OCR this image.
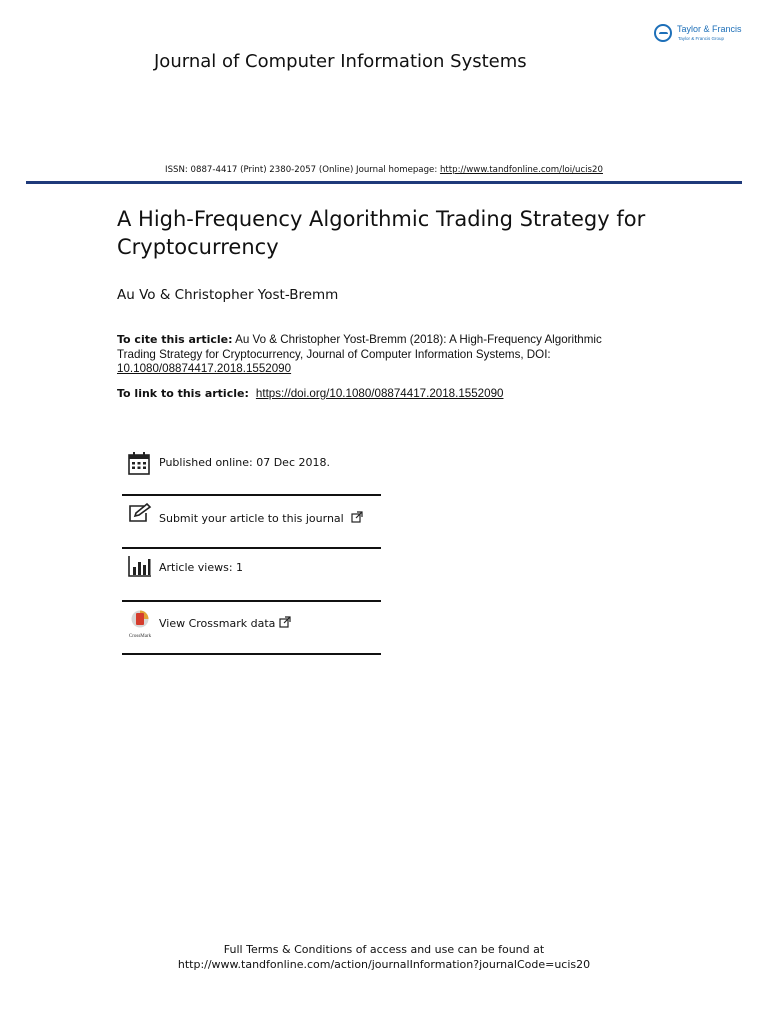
Taylor & Francis
Taylor & Francis Group
Journal of Computer Information Systems
ISSN: 0887-4417 (Print) 2380-2057 (Online) Journal homepage: http://www.tandfonline.com/loi/ucis20
A High-Frequency Algorithmic Trading Strategy for Cryptocurrency
Au Vo & Christopher Yost-Bremm
To cite this article: Au Vo & Christopher Yost-Bremm (2018): A High-Frequency Algorithmic Trading Strategy for Cryptocurrency, Journal of Computer Information Systems, DOI: 10.1080/08874417.2018.1552090
To link to this article:  https://doi.org/10.1080/08874417.2018.1552090
Published online: 07 Dec 2018.
Submit your article to this journal
Article views: 1
CrossMark
View Crossmark data
Full Terms & Conditions of access and use can be found at
http://www.tandfonline.com/action/journalInformation?journalCode=ucis20
